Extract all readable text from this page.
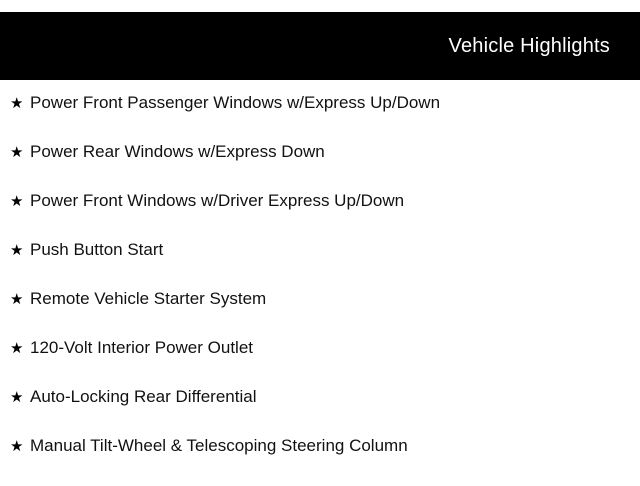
Vehicle Highlights
★ Power Front Passenger Windows w/Express Up/Down
★ Power Rear Windows w/Express Down
★ Power Front Windows w/Driver Express Up/Down
★ Push Button Start
★ Remote Vehicle Starter System
★ 120-Volt Interior Power Outlet
★ Auto-Locking Rear Differential
★ Manual Tilt-Wheel & Telescoping Steering Column
